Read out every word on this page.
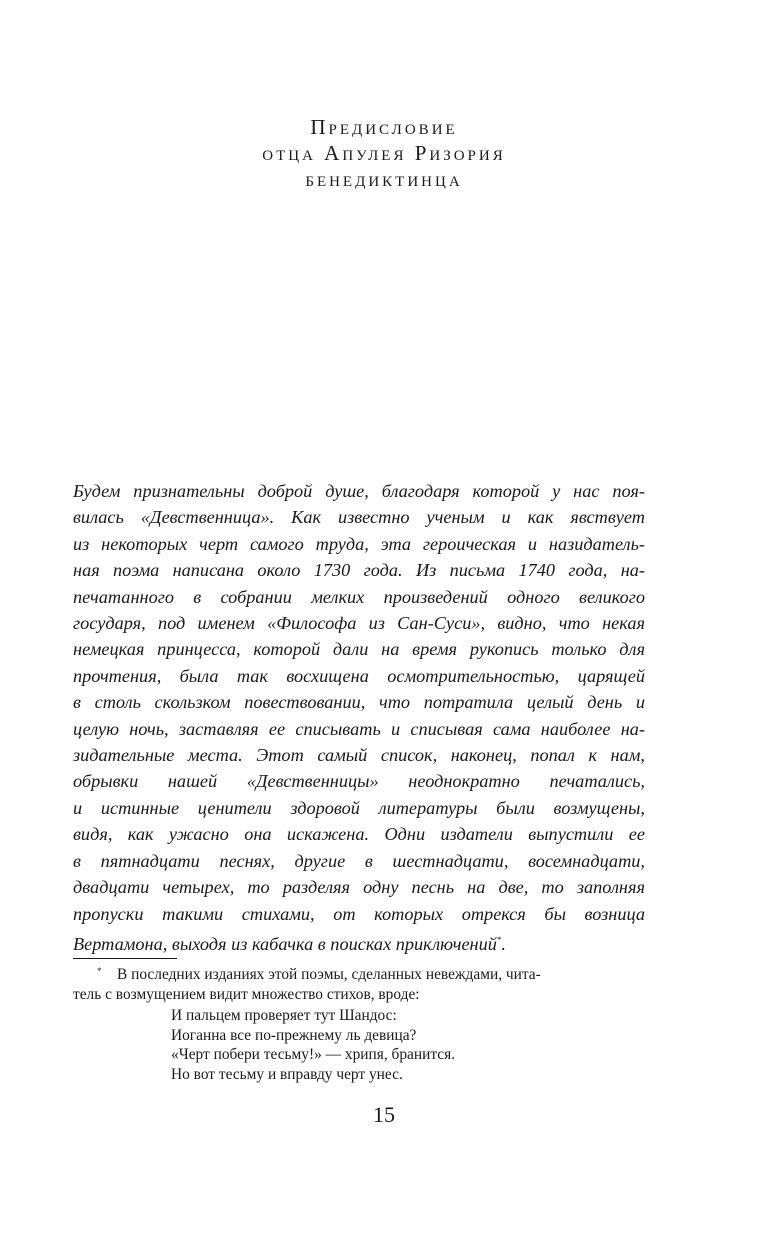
Предисловие
отца Апулея Ризория
бенедиктинца
Будем признательны доброй душе, благодаря которой у нас поя-
вилась «Девственница». Как известно ученым и как явствует
из некоторых черт самого труда, эта героическая и назидатель-
ная поэма написана около 1730 года. Из письма 1740 года, на-
печатанного в собрании мелких произведений одного великого
государя, под именем «Философа из Сан-Суси», видно, что некая
немецкая принцесса, которой дали на время рукопись только для
прочтения, была так восхищена осмотрительностью, царящей
в столь скользком повествовании, что потратила целый день и
целую ночь, заставляя ее списывать и списывая сама наиболее на-
зидательные места. Этот самый список, наконец, попал к нам,
обрывки нашей «Девственницы» неоднократно печатались,
и истинные ценители здоровой литературы были возмущены,
видя, как ужасно она искажена. Одни издатели выпустили ее
в пятнадцати песнях, другие в шестнадцати, восемнадцати,
двадцати четырех, то разделяя одну песнь на две, то заполняя
пропуски такими стихами, от которых отрекся бы возница
Вертамона, выходя из кабачка в поисках приключений*.
* В последних изданиях этой поэмы, сделанных невеждами, чита-
тель с возмущением видит множество стихов, вроде:
И пальцем проверяет тут Шандос:
Иоганна все по-прежнему ль девица?
«Черт побери тесьму!» — хрипя, бранится.
Но вот тесьму и вправду черт унес.
15
